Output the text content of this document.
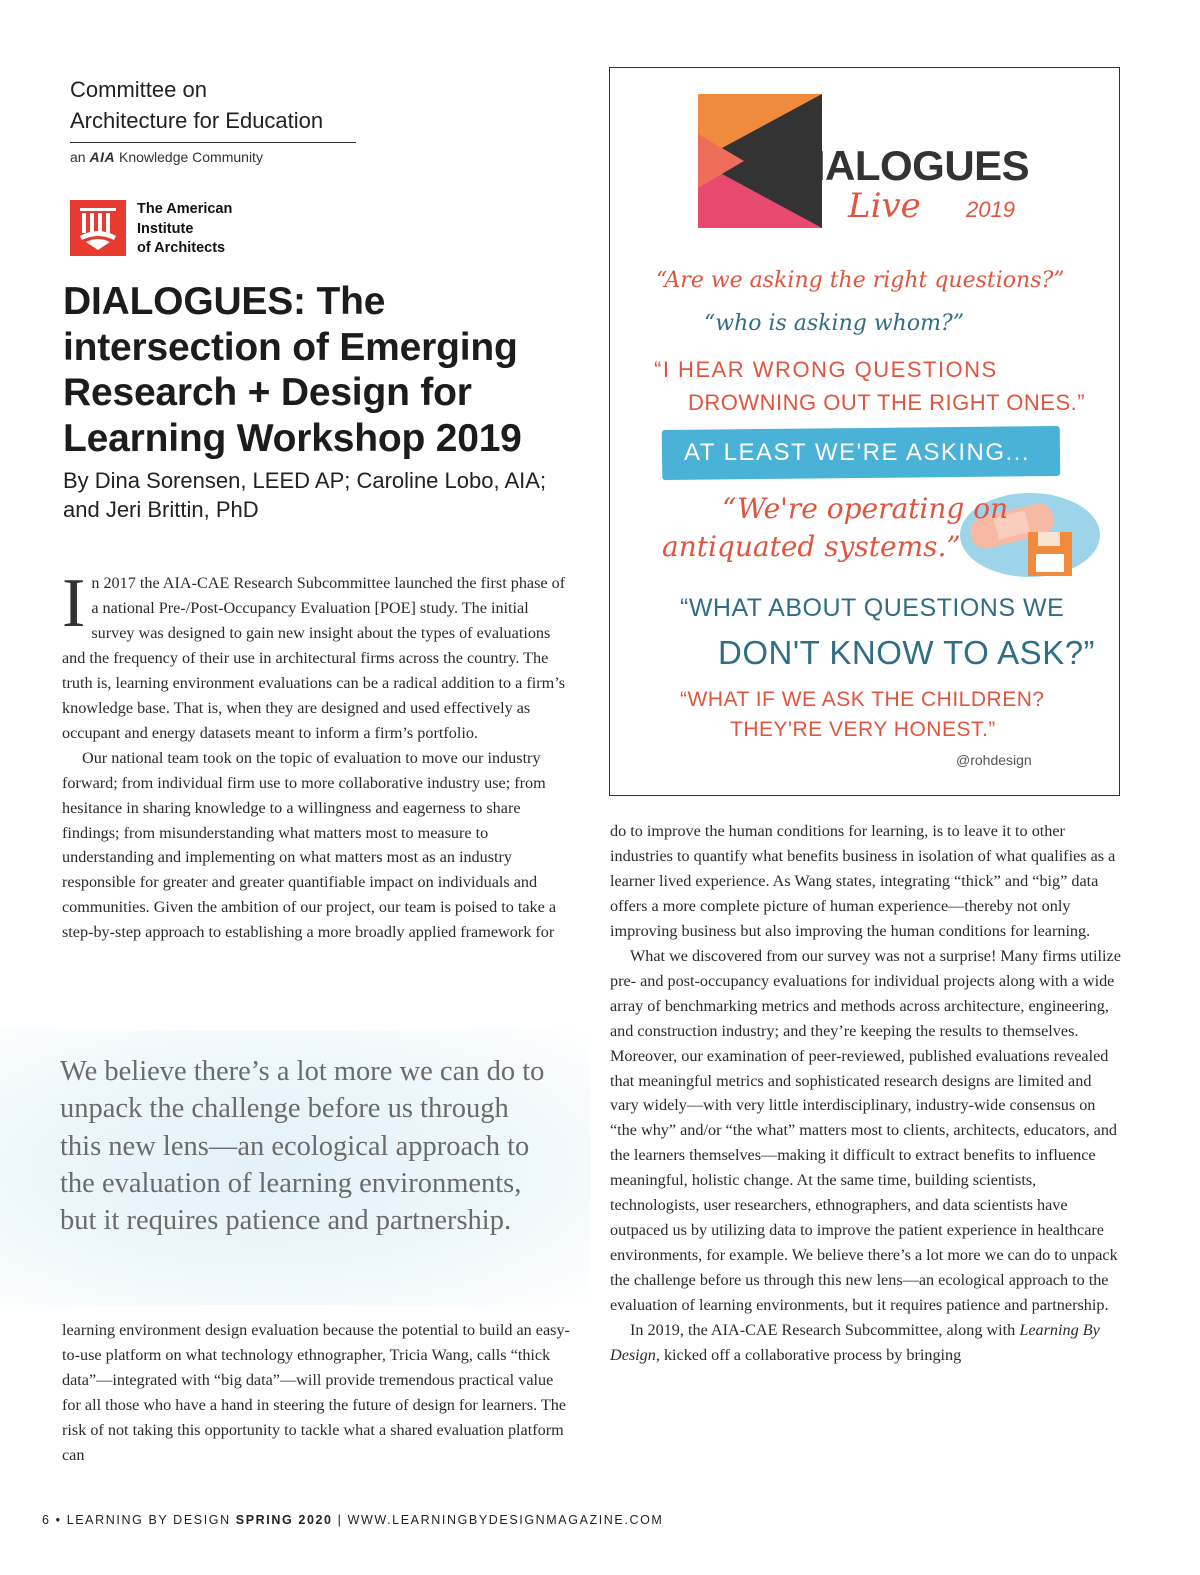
Committee on
Architecture for Education
an AIA Knowledge Community
The American
Institute
of Architects
DIALOGUES: The intersection of Emerging Research + Design for Learning Workshop 2019
By Dina Sorensen, LEED AP; Caroline Lobo, AIA; and Jeri Brittin, PhD

In 2017 the AIA-CAE Research Subcommittee launched the first phase of a national Pre-/Post-Occupancy Evaluation [POE] study. The initial survey was designed to gain new insight about the types of evaluations and the frequency of their use in architectural firms across the country. The truth is, learning environment evaluations can be a radical addition to a firm’s knowledge base. That is, when they are designed and used effectively as occupant and energy datasets meant to inform a firm’s portfolio.

Our national team took on the topic of evaluation to move our industry forward; from individual firm use to more collaborative industry use; from hesitance in sharing knowledge to a willingness and eagerness to share findings; from misunderstanding what matters most to measure to understanding and implementing on what matters most as an industry responsible for greater and greater quantifiable impact on individuals and communities. Given the ambition of our project, our team is poised to take a step-by-step approach to establishing a more broadly applied framework for

We believe there’s a lot more we can do to unpack the challenge before us through this new lens—an ecological approach to the evaluation of learning environments, but it requires patience and partnership.

learning environment design evaluation because the potential to build an easy-to-use platform on what technology ethnographer, Tricia Wang, calls “thick data”—integrated with “big data”—will provide tremendous practical value for all those who have a hand in steering the future of design for learners. The risk of not taking this opportunity to tackle what a shared evaluation platform can

do to improve the human conditions for learning, is to leave it to other industries to quantify what benefits business in isolation of what qualifies as a learner lived experience. As Wang states, integrating “thick” and “big” data offers a more complete picture of human experience—thereby not only improving business but also improving the human conditions for learning.

What we discovered from our survey was not a surprise! Many firms utilize pre- and post-occupancy evaluations for individual projects along with a wide array of benchmarking metrics and methods across architecture, engineering, and construction industry; and they’re keeping the results to themselves. Moreover, our examination of peer-reviewed, published evaluations revealed that meaningful metrics and sophisticated research designs are limited and vary widely—with very little interdisciplinary, industry-wide consensus on “the why” and/or “the what” matters most to clients, architects, educators, and the learners themselves—making it difficult to extract benefits to influence meaningful, holistic change. At the same time, building scientists, technologists, user researchers, ethnographers, and data scientists have outpaced us by utilizing data to improve the patient experience in healthcare environments, for example. We believe there’s a lot more we can do to unpack the challenge before us through this new lens—an ecological approach to the evaluation of learning environments, but it requires patience and partnership.

In 2019, the AIA-CAE Research Subcommittee, along with Learning By Design, kicked off a collaborative process by bringing

DIALOGUES
Live 2019
“Are we asking the right questions?”
“who is asking whom?”
“I HEAR WRONG QUESTIONS
DROWNING OUT THE RIGHT ONES.”
AT LEAST WE'RE ASKING...
“We're operating on
antiquated systems.”
“WHAT ABOUT QUESTIONS WE
DON'T KNOW TO ASK?”
“WHAT IF WE ASK THE CHILDREN?
THEY'RE VERY HONEST.”
@rohdesign
6 • LEARNING BY DESIGN SPRING 2020 | WWW.LEARNINGBYDESIGNMAGAZINE.COM
